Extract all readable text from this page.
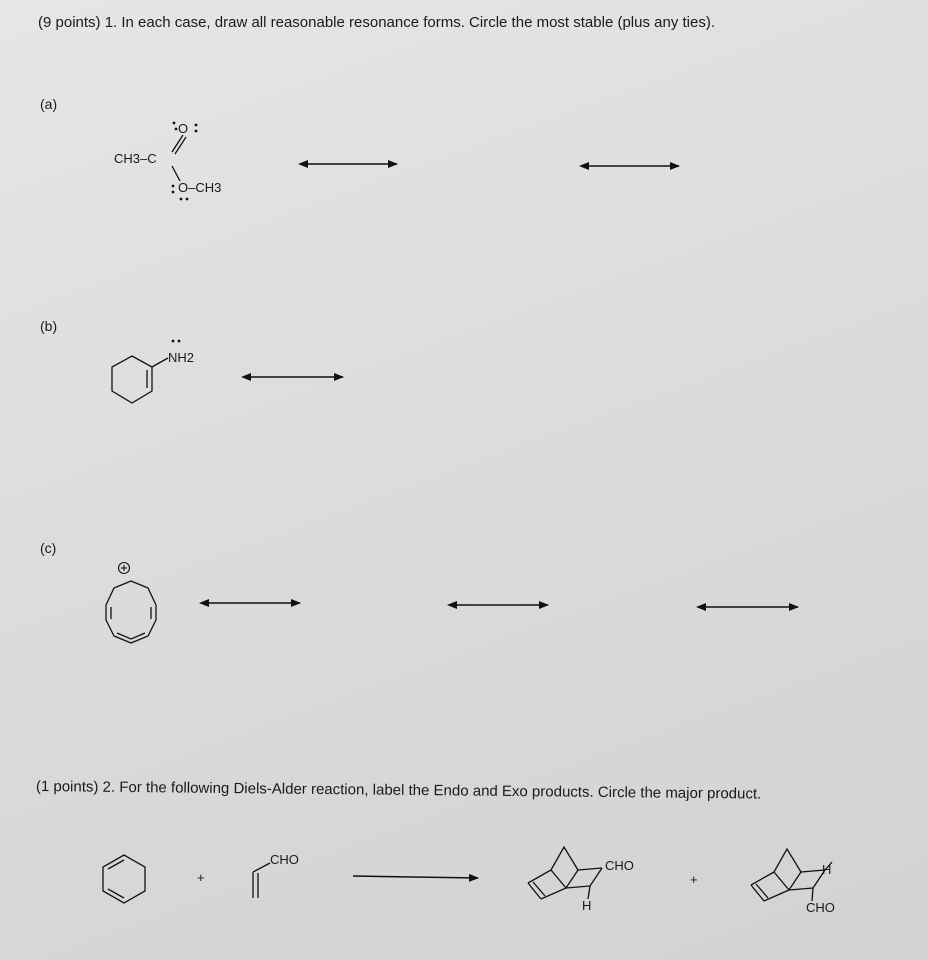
(9 points) 1. In each case, draw all reasonable resonance forms. Circle the most stable (plus any ties).
(a)
(b)
(c)
CH3–C
O
O–CH3
NH2
(1 points) 2. For the following Diels-Alder reaction, label the Endo and Exo products. Circle the major product.
CHO
+
CHO
H
+
H
CHO
